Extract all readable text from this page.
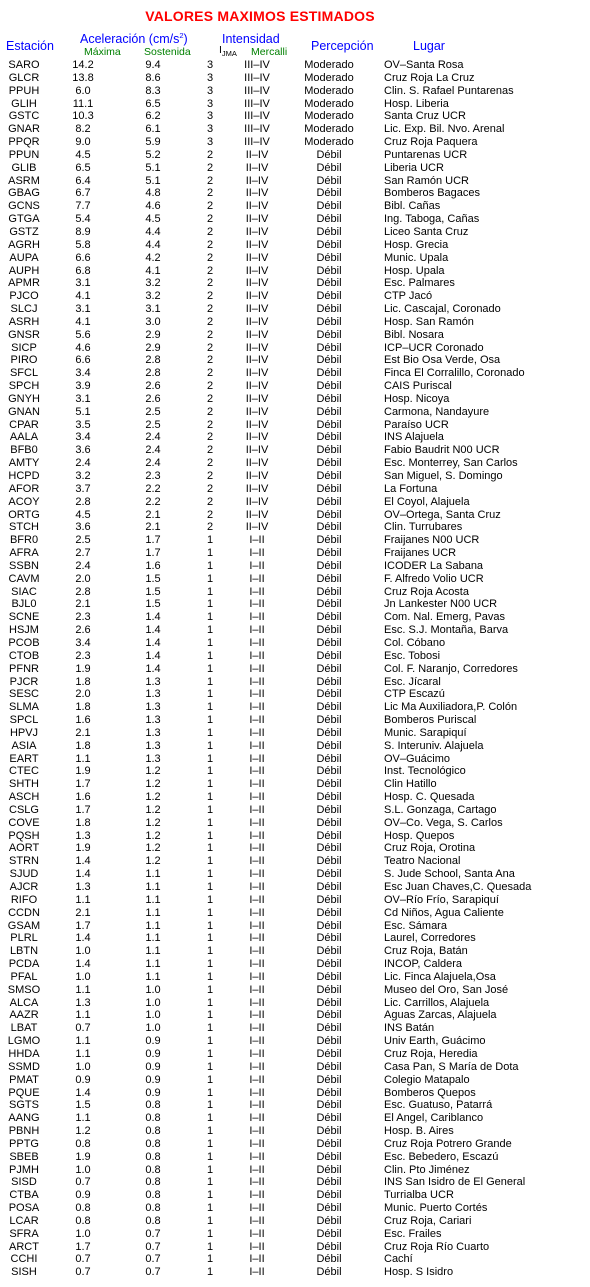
VALORES MAXIMOS ESTIMADOS
Estación Aceleración $(cm/s^2)$
Máxima Sostenida
Intensidad
$I_{JMA}$ Mercalli Percepción	Lugar
SARO	14.2	9.4	3	III–IV	Moderado	OV–Santa Rosa
GLCR	13.8	8.6	3	III–IV	Moderado	Cruz Roja La Cruz
PPUH	6.0	8.3	3	III–IV	Moderado	Clin. S. Rafael Puntarenas
GLIH	11.1	6.5	3	III–IV	Moderado	Hosp. Liberia
GSTC	10.3	6.2	3	III–IV	Moderado	Santa Cruz UCR
GNAR	8.2	6.1	3	III–IV	Moderado	Lic. Exp. Bil. Nvo. Arenal
PPQR	9.0	5.9	3	III–IV	Moderado	Cruz Roja Paquera
PPUN	4.5	5.2	2	II–IV	Débil	Puntarenas UCR
GLIB	6.5	5.1	2	II–IV	Débil	Liberia UCR
ASRM	6.4	5.1	2	II–IV	Débil	San Ramón UCR
GBAG	6.7	4.8	2	II–IV	Débil	Bomberos Bagaces
GCNS	7.7	4.6	2	II–IV	Débil	Bibl. Cañas
GTGA	5.4	4.5	2	II–IV	Débil	Ing. Taboga, Cañas
GSTZ	8.9	4.4	2	II–IV	Débil	Liceo Santa Cruz
AGRH	5.8	4.4	2	II–IV	Débil	Hosp. Grecia
AUPA	6.6	4.2	2	II–IV	Débil	Munic. Upala
AUPH	6.8	4.1	2	II–IV	Débil	Hosp. Upala
APMR	3.1	3.2	2	II–IV	Débil	Esc. Palmares
PJCO	4.1	3.2	2	II–IV	Débil	CTP Jacó
SLCJ	3.1	3.1	2	II–IV	Débil	Lic. Cascajal, Coronado
ASRH	4.1	3.0	2	II–IV	Débil	Hosp. San Ramón
GNSR	5.6	2.9	2	II–IV	Débil	Bibl. Nosara
SICP	4.6	2.9	2	II–IV	Débil	ICP–UCR Coronado
PIRO	6.6	2.8	2	II–IV	Débil	Est Bio Osa Verde, Osa
SFCL	3.4	2.8	2	II–IV	Débil	Finca El Corralillo, Coronado
SPCH	3.9	2.6	2	II–IV	Débil	CAIS Puriscal
GNYH	3.1	2.6	2	II–IV	Débil	Hosp. Nicoya
GNAN	5.1	2.5	2	II–IV	Débil	Carmona, Nandayure
CPAR	3.5	2.5	2	II–IV	Débil	Paraíso UCR
AALA	3.4	2.4	2	II–IV	Débil	INS Alajuela
BFB0	3.6	2.4	2	II–IV	Débil	Fabio Baudrit N00 UCR
AMTY	2.4	2.4	2	II–IV	Débil	Esc. Monterrey, San Carlos
HCPD	3.2	2.3	2	II–IV	Débil	San Miguel, S. Domingo
AFOR	3.7	2.2	2	II–IV	Débil	La Fortuna
ACOY	2.8	2.2	2	II–IV	Débil	El Coyol, Alajuela
ORTG	4.5	2.1	2	II–IV	Débil	OV–Ortega, Santa Cruz
STCH	3.6	2.1	2	II–IV	Débil	Clin. Turrubares
BFR0	2.5	1.7	1	I–II	Débil	Fraijanes N00 UCR
AFRA	2.7	1.7	1	I–II	Débil	Fraijanes UCR
SSBN	2.4	1.6	1	I–II	Débil	ICODER La Sabana
CAVM	2.0	1.5	1	I–II	Débil	F. Alfredo Volio UCR
SIAC	2.8	1.5	1	I–II	Débil	Cruz Roja Acosta
BJL0	2.1	1.5	1	I–II	Débil	Jn Lankester N00 UCR
SCNE	2.3	1.4	1	I–II	Débil	Com. Nal. Emerg, Pavas
HSJM	2.6	1.4	1	I–II	Débil	Esc. S.J. Montaña, Barva
PCOB	3.4	1.4	1	I–II	Débil	Col. Cóbano
CTOB	2.3	1.4	1	I–II	Débil	Esc. Tobosi
PFNR	1.9	1.4	1	I–II	Débil	Col. F. Naranjo, Corredores
PJCR	1.8	1.3	1	I–II	Débil	Esc. Jícaral
SESC	2.0	1.3	1	I–II	Débil	CTP Escazú
SLMA	1.8	1.3	1	I–II	Débil	Lic Ma Auxiliadora,P. Colón
SPCL	1.6	1.3	1	I–II	Débil	Bomberos Puriscal
HPVJ	2.1	1.3	1	I–II	Débil	Munic. Sarapiquí
ASIA	1.8	1.3	1	I–II	Débil	S. Interuniv. Alajuela
EART	1.1	1.3	1	I–II	Débil	OV–Guácimo
CTEC	1.9	1.2	1	I–II	Débil	Inst. Tecnológico
SHTH	1.7	1.2	1	I–II	Débil	Clin Hatillo
ASCH	1.6	1.2	1	I–II	Débil	Hosp. C. Quesada
CSLG	1.7	1.2	1	I–II	Débil	S.L. Gonzaga, Cartago
COVE	1.8	1.2	1	I–II	Débil	OV–Co. Vega, S. Carlos
PQSH	1.3	1.2	1	I–II	Débil	Hosp. Quepos
AORT	1.9	1.2	1	I–II	Débil	Cruz Roja, Orotina
STRN	1.4	1.2	1	I–II	Débil	Teatro Nacional
SJUD	1.4	1.1	1	I–II	Débil	S. Jude School, Santa Ana
AJCR	1.3	1.1	1	I–II	Débil	Esc Juan Chaves,C. Quesada
RIFO	1.1	1.1	1	I–II	Débil	OV–Río Frío, Sarapiquí
CCDN	2.1	1.1	1	I–II	Débil	Cd Niños, Agua Caliente
GSAM	1.7	1.1	1	I–II	Débil	Esc. Sámara
PLRL	1.4	1.1	1	I–II	Débil	Laurel, Corredores
LBTN	1.0	1.1	1	I–II	Débil	Cruz Roja, Batán
PCDA	1.4	1.1	1	I–II	Débil	INCOP, Caldera
PFAL	1.0	1.1	1	I–II	Débil	Lic. Finca Alajuela,Osa
SMSO	1.1	1.0	1	I–II	Débil	Museo del Oro, San José
ALCA	1.3	1.0	1	I–II	Débil	Lic. Carrillos, Alajuela
AAZR	1.1	1.0	1	I–II	Débil	Aguas Zarcas, Alajuela
LBAT	0.7	1.0	1	I–II	Débil	INS Batán
LGMO	1.1	0.9	1	I–II	Débil	Univ Earth, Guácimo
HHDA	1.1	0.9	1	I–II	Débil	Cruz Roja, Heredia
SSMD	1.0	0.9	1	I–II	Débil	Casa Pan, S María de Dota
PMAT	0.9	0.9	1	I–II	Débil	Colegio Matapalo
PQUE	1.4	0.9	1	I–II	Débil	Bomberos Quepos
SGTS	1.5	0.8	1	I–II	Débil	Esc. Guatuso, Patarrá
AANG	1.1	0.8	1	I–II	Débil	El Angel, Cariblanco
PBNH	1.2	0.8	1	I–II	Débil	Hosp. B. Aires
PPTG	0.8	0.8	1	I–II	Débil	Cruz Roja Potrero Grande
SBEB	1.9	0.8	1	I–II	Débil	Esc. Bebedero, Escazú
PJMH	1.0	0.8	1	I–II	Débil	Clin. Pto Jiménez
SISD	0.7	0.8	1	I–II	Débil	INS San Isidro de El General
CTBA	0.9	0.8	1	I–II	Débil	Turrialba UCR
POSA	0.8	0.8	1	I–II	Débil	Munic. Puerto Cortés
LCAR	0.8	0.8	1	I–II	Débil	Cruz Roja, Cariari
SFRA	1.0	0.7	1	I–II	Débil	Esc. Frailes
ARCT	1.7	0.7	1	I–II	Débil	Cruz Roja Río Cuarto
CCHI	0.7	0.7	1	I–II	Débil	Cachí
SISH	0.7	0.7	1	I–II	Débil	Hosp. S Isidro
